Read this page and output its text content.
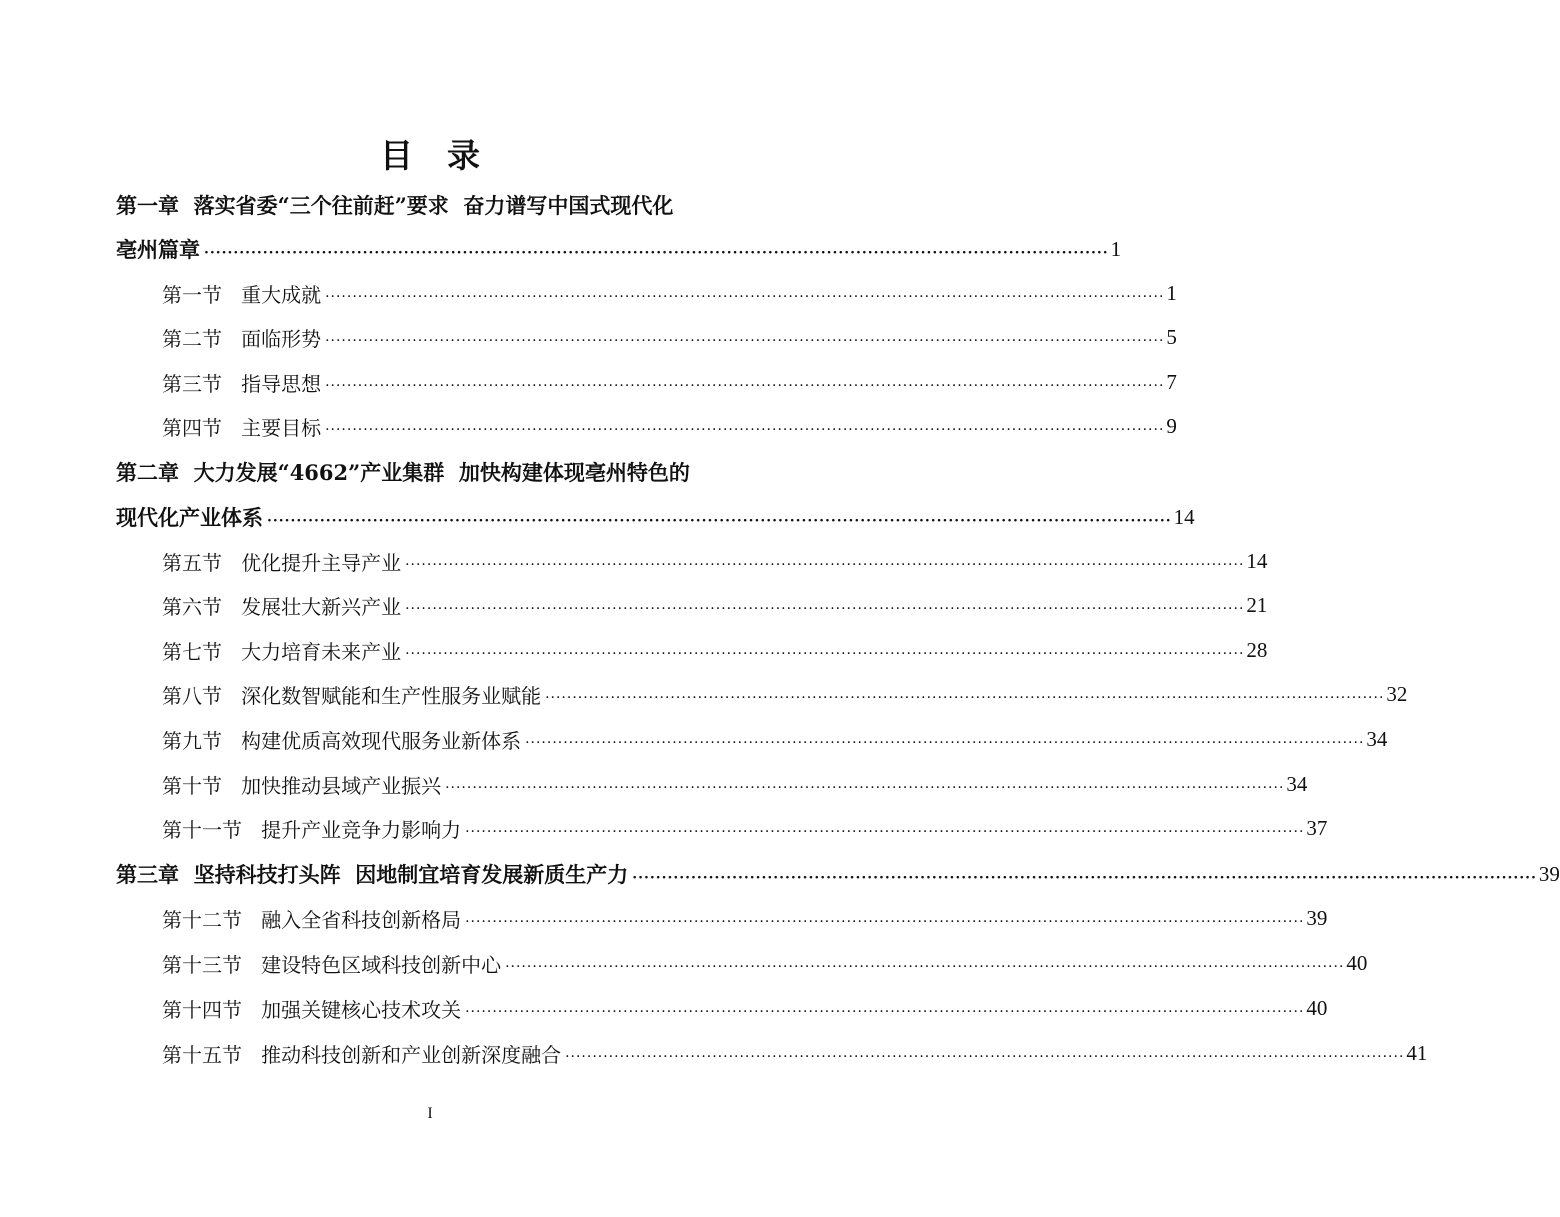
目 录
第一章  落实省委“三个往前赶”要求  奋力谱写中国式现代化
亳州篇章 ·························································································································································· 1
第一节   重大成就 ·························································································································································· 1
第二节   面临形势 ·························································································································································· 5
第三节   指导思想 ·························································································································································· 7
第四节   主要目标 ·························································································································································· 9
第二章  大力发展“4662”产业集群  加快构建体现亳州特色的
现代化产业体系 ·························································································································································· 14
第五节   优化提升主导产业 ·························································································································································· 14
第六节   发展壮大新兴产业 ·························································································································································· 21
第七节   大力培育未来产业 ·························································································································································· 28
第八节   深化数智赋能和生产性服务业赋能 ·························································································································································· 32
第九节   构建优质高效现代服务业新体系 ·························································································································································· 34
第十节   加快推动县域产业振兴 ·························································································································································· 34
第十一节   提升产业竞争力影响力 ·························································································································································· 37
第三章  坚持科技打头阵  因地制宜培育发展新质生产力 ·························································································································································· 39
第十二节   融入全省科技创新格局 ·························································································································································· 39
第十三节   建设特色区域科技创新中心 ·························································································································································· 40
第十四节   加强关键核心技术攻关 ·························································································································································· 40
第十五节   推动科技创新和产业创新深度融合 ·························································································································································· 41
I
